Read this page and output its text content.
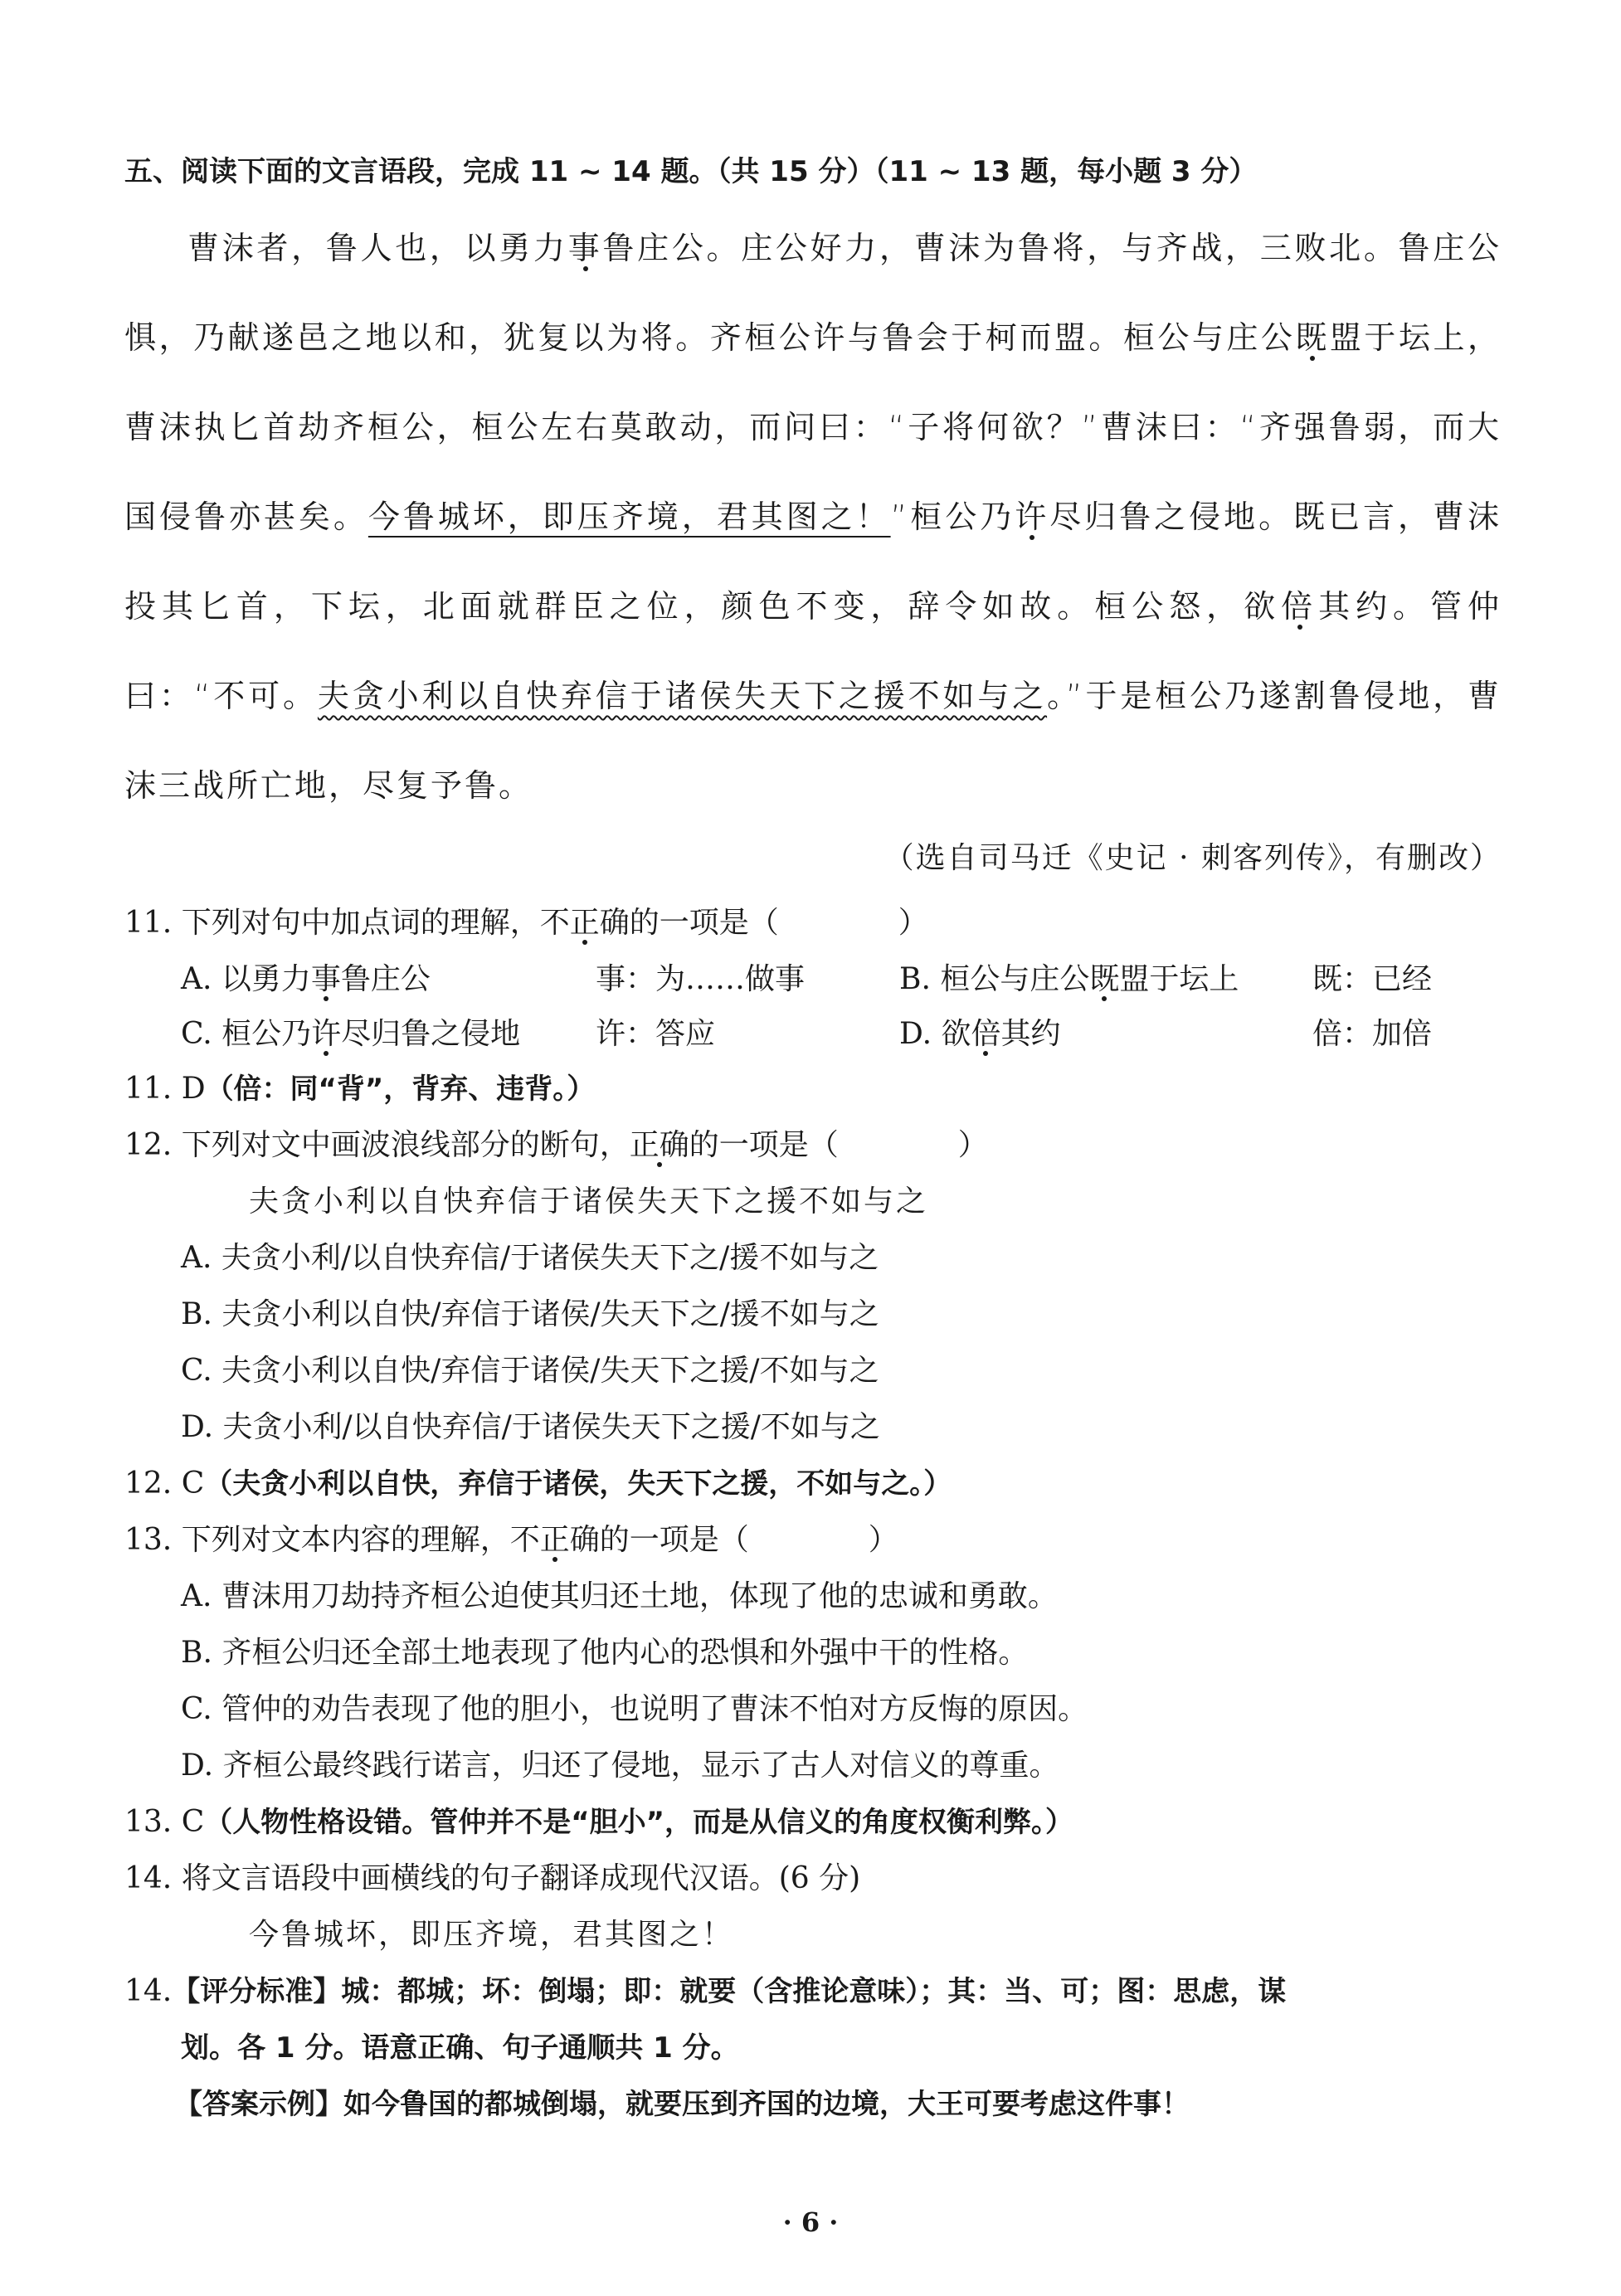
五、阅读下面的文言语段，完成 11 ~ 14 题。（共 15 分）（11 ~ 13 题，每小题 3 分）
曹沫者，鲁人也，以勇力事鲁庄公。庄公好力，曹沫为鲁将，与齐战，三败北。鲁庄公惧，乃献遂邑之地以和，犹复以为将。齐桓公许与鲁会于柯而盟。桓公与庄公既盟于坛上，曹沫执匕首劫齐桓公，桓公左右莫敢动，而问曰：“子将何欲？”曹沫曰：“齐强鲁弱，而大国侵鲁亦甚矣。今鲁城坏，即压齐境，君其图之！”桓公乃许尽归鲁之侵地。既已言，曹沫投其匕首，下坛，北面就群臣之位，颜色不变，辞令如故。桓公怒，欲倍其约。管仲曰：“不可。夫贪小利以自快弃信于诸侯失天下之援不如与之。”于是桓公乃遂割鲁侵地，曹沫三战所亡地，尽复予鲁。
（选自司马迁《史记 · 刺客列传》，有删改）
11. 下列对句中加点词的理解，不正确的一项是（　　　　）
A. 以勇力事鲁庄公	事：为……做事	B. 桓公与庄公既盟于坛上 既：已经
C. 桓公乃许尽归鲁之侵地	许：答应	D. 欲倍其约	倍：加倍
11. D（倍：同“背”，背弃、违背。）
12. 下列对文中画波浪线部分的断句，正确的一项是（　　　　）
夫贪小利以自快弃信于诸侯失天下之援不如与之
A. 夫贪小利/以自快弃信/于诸侯失天下之/援不如与之
B. 夫贪小利以自快/弃信于诸侯/失天下之/援不如与之
C. 夫贪小利以自快/弃信于诸侯/失天下之援/不如与之
D. 夫贪小利/以自快弃信/于诸侯失天下之援/不如与之
12. C（夫贪小利以自快，弃信于诸侯，失天下之援，不如与之。）
13. 下列对文本内容的理解，不正确的一项是（　　　　）
A. 曹沫用刀劫持齐桓公迫使其归还土地，体现了他的忠诚和勇敢。
B. 齐桓公归还全部土地表现了他内心的恐惧和外强中干的性格。
C. 管仲的劝告表现了他的胆小，也说明了曹沫不怕对方反悔的原因。
D. 齐桓公最终践行诺言，归还了侵地，显示了古人对信义的尊重。
13. C（人物性格设错。管仲并不是“胆小”，而是从信义的角度权衡利弊。）
14. 将文言语段中画横线的句子翻译成现代汉语。(6 分)
今鲁城坏，即压齐境，君其图之！
14.【评分标准】城：都城；坏：倒塌；即：就要（含推论意味）；其：当、可；图：思虑，谋
划。各 1 分。语意正确、句子通顺共 1 分。
【答案示例】如今鲁国的都城倒塌，就要压到齐国的边境，大王可要考虑这件事！
· 6 ·
